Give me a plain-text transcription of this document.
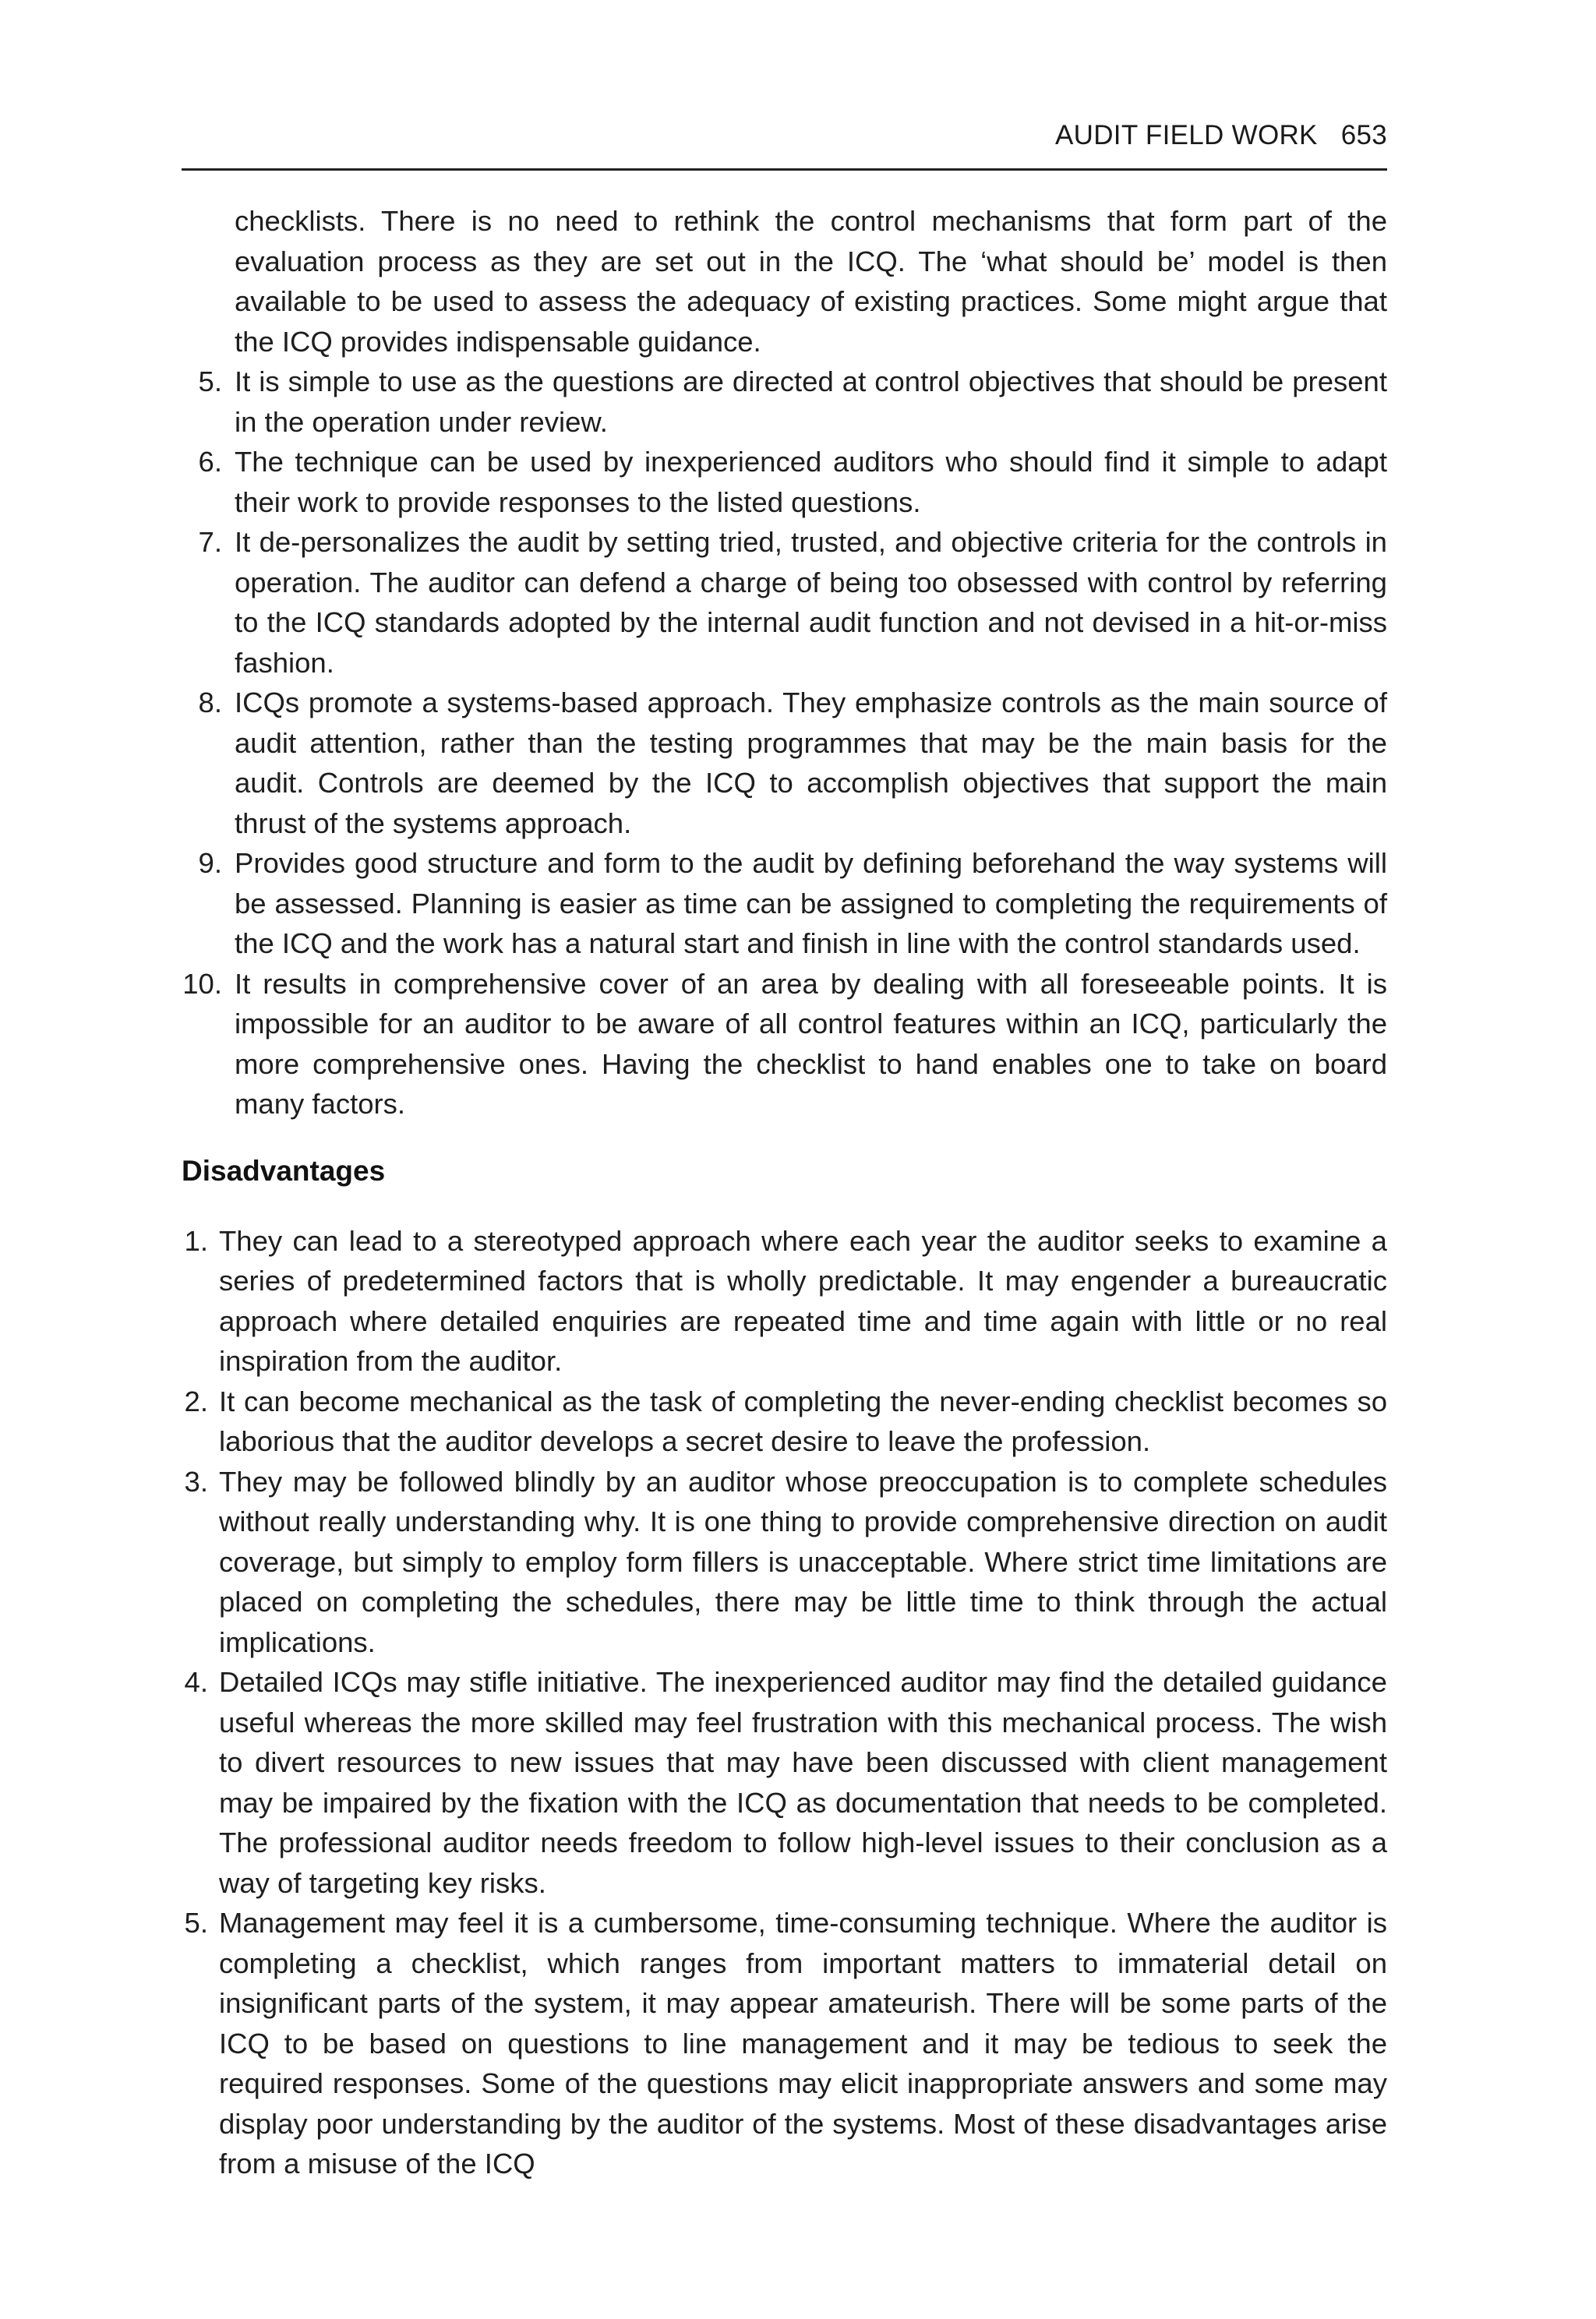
AUDIT FIELD WORK 653

checklists. There is no need to rethink the control mechanisms that form part of the evaluation process as they are set out in the ICQ. The ‘what should be’ model is then available to be used to assess the adequacy of existing practices. Some might argue that the ICQ provides indispensable guidance.

5. It is simple to use as the questions are directed at control objectives that should be present in the operation under review.

6. The technique can be used by inexperienced auditors who should find it simple to adapt their work to provide responses to the listed questions.

7. It de-personalizes the audit by setting tried, trusted, and objective criteria for the controls in operation. The auditor can defend a charge of being too obsessed with control by referring to the ICQ standards adopted by the internal audit function and not devised in a hit-or-miss fashion.

8. ICQs promote a systems-based approach. They emphasize controls as the main source of audit attention, rather than the testing programmes that may be the main basis for the audit. Controls are deemed by the ICQ to accomplish objectives that support the main thrust of the systems approach.

9. Provides good structure and form to the audit by defining beforehand the way systems will be assessed. Planning is easier as time can be assigned to completing the requirements of the ICQ and the work has a natural start and finish in line with the control standards used.

10. It results in comprehensive cover of an area by dealing with all foreseeable points. It is impossible for an auditor to be aware of all control features within an ICQ, particularly the more comprehensive ones. Having the checklist to hand enables one to take on board many factors.

Disadvantages

1. They can lead to a stereotyped approach where each year the auditor seeks to examine a series of predetermined factors that is wholly predictable. It may engender a bureaucratic approach where detailed enquiries are repeated time and time again with little or no real inspiration from the auditor.

2. It can become mechanical as the task of completing the never-ending checklist becomes so laborious that the auditor develops a secret desire to leave the profession.

3. They may be followed blindly by an auditor whose preoccupation is to complete schedules without really understanding why. It is one thing to provide comprehensive direction on audit coverage, but simply to employ form fillers is unacceptable. Where strict time limitations are placed on completing the schedules, there may be little time to think through the actual implications.

4. Detailed ICQs may stifle initiative. The inexperienced auditor may find the detailed guidance useful whereas the more skilled may feel frustration with this mechanical process. The wish to divert resources to new issues that may have been discussed with client management may be impaired by the fixation with the ICQ as documentation that needs to be completed. The professional auditor needs freedom to follow high-level issues to their conclusion as a way of targeting key risks.

5. Management may feel it is a cumbersome, time-consuming technique. Where the auditor is completing a checklist, which ranges from important matters to immaterial detail on insignificant parts of the system, it may appear amateurish. There will be some parts of the ICQ to be based on questions to line management and it may be tedious to seek the required responses. Some of the questions may elicit inappropriate answers and some may display poor understanding by the auditor of the systems. Most of these disadvantages arise from a misuse of the ICQ
